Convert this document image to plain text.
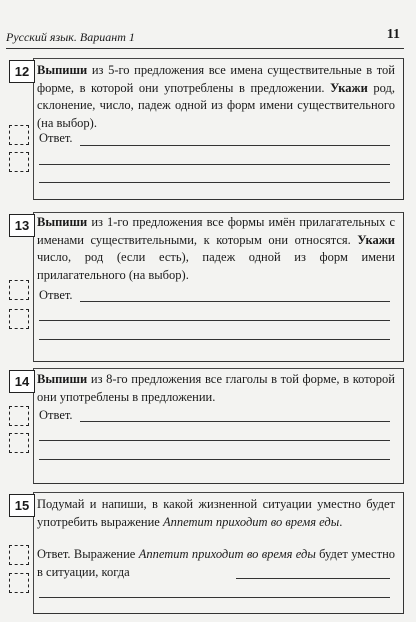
Русский язык. Вариант 1	11
12 Выпиши из 5-го предложения все имена существительные в той форме, в которой они употреблены в предложении. Укажи род, склонение, число, падеж одной из форм имени существительного (на выбор).
Ответ.
13 Выпиши из 1-го предложения все формы имён прилагательных с именами существительными, к которым они относятся. Укажи число, род (если есть), падеж одной из форм имени прилагательного (на выбор).
Ответ.
14 Выпиши из 8-го предложения все глаголы в той форме, в которой они употреблены в предложении.
Ответ.
15 Подумай и напиши, в какой жизненной ситуации уместно будет употребить выражение Аппетит приходит во время еды.
Ответ. Выражение Аппетит приходит во время еды будет уместно в ситуации, когда
